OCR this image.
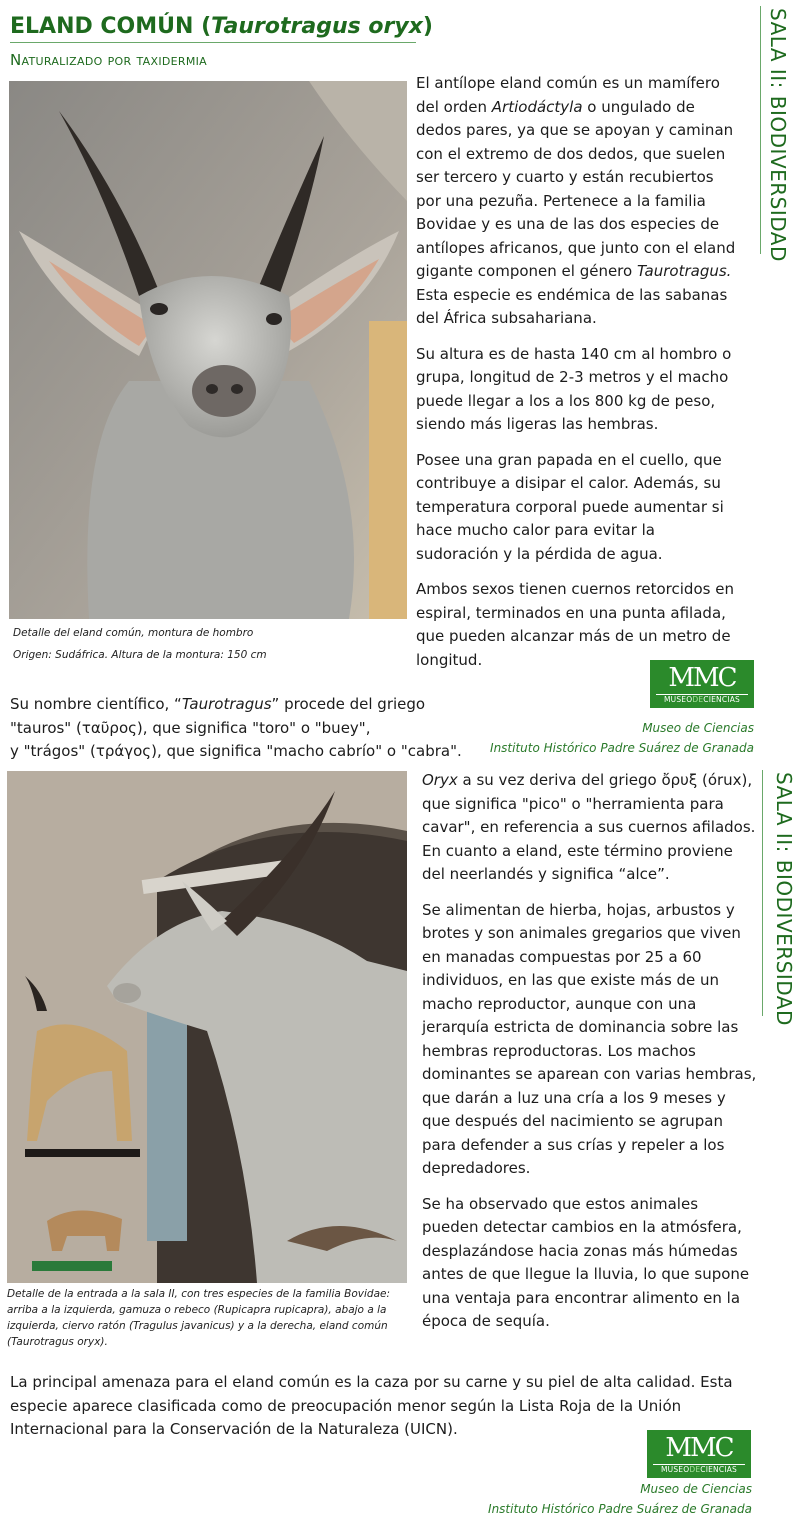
ELAND COMÚN (Taurotragus oryx)
Naturalizado por taxidermia	SALA II: BIODIVERSIDAD
SALA II: BIODIVERSIDAD
Detalle del eland común, montura de hombro
Origen: Sudáfrica. Altura de la montura: 150 cm

El antílope eland común es un mamífero del orden Artiodáctyla o ungulado de dedos pares, ya que se apoyan y caminan con el extremo de dos dedos, que suelen ser tercero y cuarto y están recubiertos por una pezuña. Pertenece a la familia Bovidae y es una de las dos especies de antílopes africanos, que junto con el eland gigante componen el género Taurotragus. Esta especie es endémica de las sabanas del África subsahariana.

Su altura es de hasta 140 cm al hombro o grupa, longitud de 2-3 metros y el macho puede llegar a los a los 800 kg de peso, siendo más ligeras las hembras.

Posee una gran papada en el cuello, que contribuye a disipar el calor. Además, su temperatura corporal puede aumentar si hace mucho calor para evitar la sudoración y la pérdida de agua.

Ambos sexos tienen cuernos retorcidos en espiral, terminados en una punta afilada, que pueden alcanzar más de un metro de longitud.

Su nombre científico, “Taurotragus” procede del griego
"tauros" (ταῦρος), que significa "toro" o "buey",
y "trágos" (τράγος), que significa "macho cabrío" o "cabra".
MMC
MUSEODECIENCIAS
Museo de Ciencias
Instituto Histórico Padre Suárez de Granada
Detalle de la entrada a la sala II, con tres especies de la familia Bovidae: arriba a la izquierda, gamuza o rebeco (Rupicapra rupicapra), abajo a la izquierda, ciervo ratón (Tragulus javanicus) y a la derecha, eland común (Taurotragus oryx).

Oryx a su vez deriva del griego ὄρυξ (órux), que significa "pico" o "herramienta para cavar", en referencia a sus cuernos afilados. En cuanto a eland, este término proviene del neerlandés y significa “alce”.

Se alimentan de hierba, hojas, arbustos y brotes y son animales gregarios que viven en manadas compuestas por 25 a 60 individuos, en las que existe más de un macho reproductor, aunque con una jerarquía estricta de dominancia sobre las hembras reproductoras. Los machos dominantes se aparean con varias hembras, que darán a luz una cría a los 9 meses y que después del nacimiento se agrupan para defender a sus crías y repeler a los depredadores.

Se ha observado que estos animales pueden detectar cambios en la atmósfera, desplazándose hacia zonas más húmedas antes de que llegue la lluvia, lo que supone una ventaja para encontrar alimento en la época de sequía.

La principal amenaza para el eland común es la caza por su carne y su piel de alta calidad. Esta especie aparece clasificada como de preocupación menor según la Lista Roja de la Unión Internacional para la Conservación de la Naturaleza (UICN).
MMC
MUSEODECIENCIAS
Museo de Ciencias
Instituto Histórico Padre Suárez de Granada
